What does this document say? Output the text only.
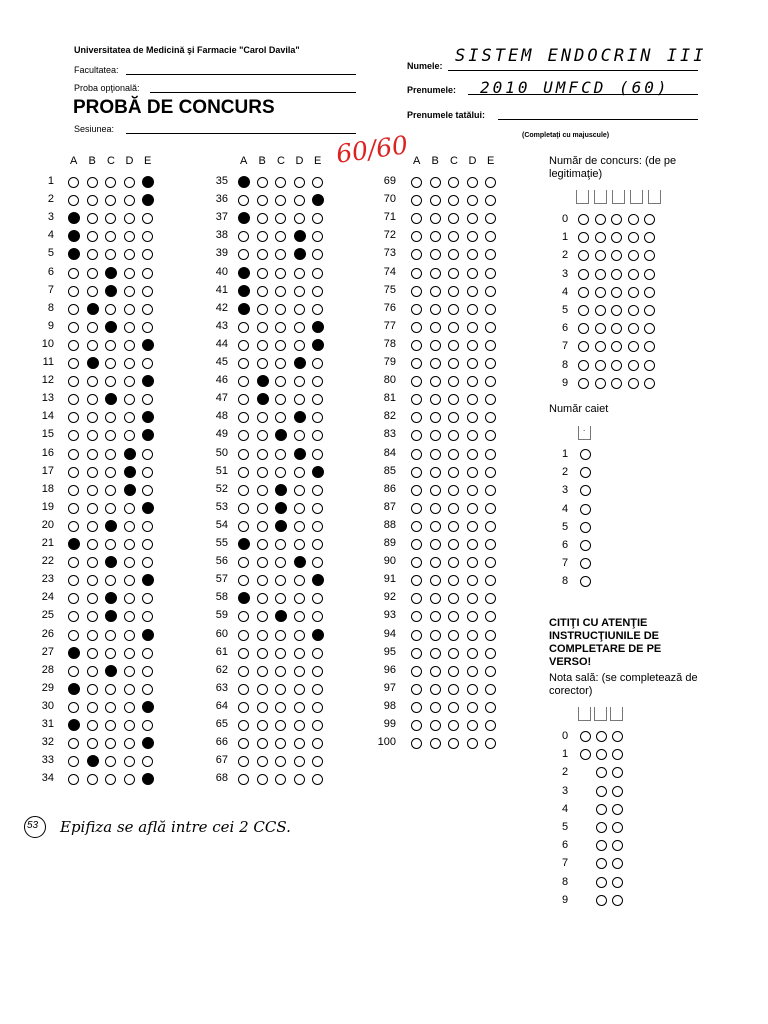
Universitatea de Medicină şi Farmacie "Carol Davila"
Facultatea:
Proba opţională:
PROBĂ DE CONCURS
Sesiunea:
Numele: SISTEM ENDOCRIN III
Prenumele: 2010 UMFCD (60)
Prenumele tatălui:
(Completaţi cu majuscule)
60/60	Număr de concurs: (de pe legitimaţie)
Număr caiet
CITIŢI CU ATENŢIE INSTRUCŢIUNILE DE COMPLETARE DE PE VERSO!
Nota sală: (se completează de corector)
53 Epifiza se află intre cei 2 CCS.
A B C D E
1
2
3
4
5
6
7
8
9
10
11
12
13
14
15
16
17
18
19
20
21
22
23
24
25
26
27
28
29
30
31
32
33
34
A B C D E
35
36
37
38
39
40
41
42
43
44
45
46
47
48
49
50
51
52
53
54
55
56
57
58
59
60
61
62
63
64
65
66
67
68
A B C D E
69
70
71
72
73
74
75
76
77
78
79
80
81
82
83
84
85
86
87
88
89
90
91
92
93
94
95
96
97
98
99
100
0
1
2
3
4
5
6
7
8
9
.
1
2
3
4
5
6
7
8
0
1
2
3
4
5
6
7
8
9
